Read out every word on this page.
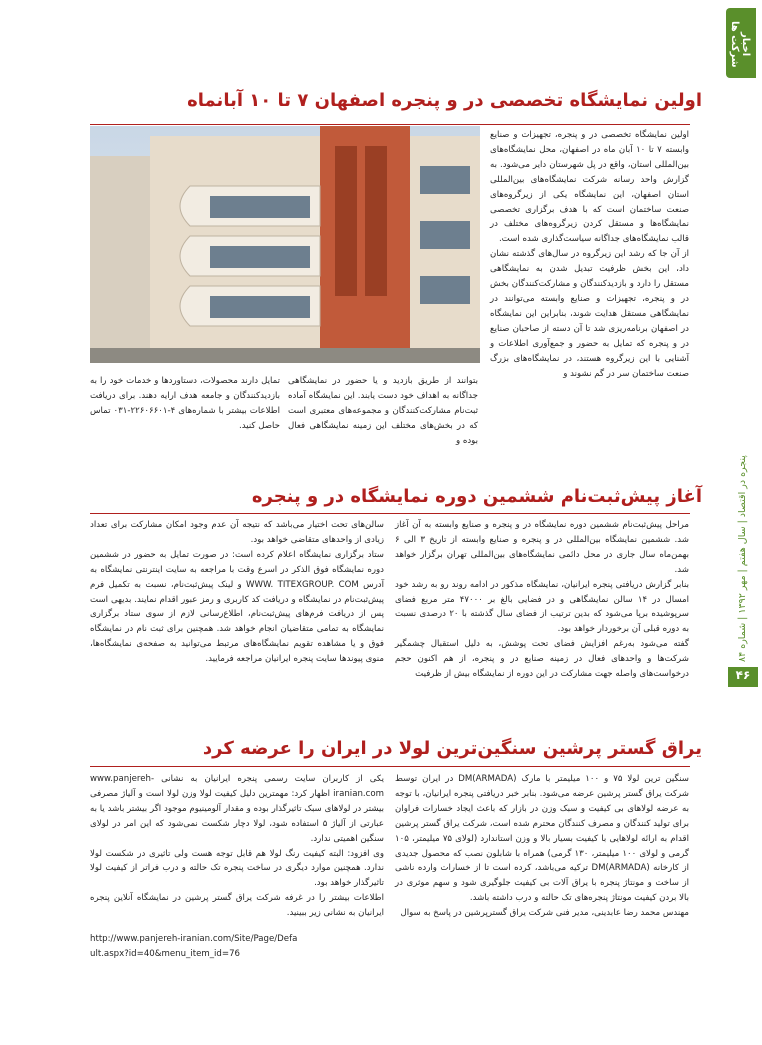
اخبار شرکت ها
پنجره در اقتصاد | سال هفتم | مهر ۱۳۹۲ | شماره ۸۴
۴۶
اولین نمایشگاه تخصصی در و پنجره اصفهان ۷ تا ۱۰ آبانماه

اولین نمایشگاه تخصصی در و پنجره، تجهیزات و صنایع وابسته ۷ تا ۱۰ آبان ماه در اصفهان، محل نمایشگاه‌های بین‌المللی استان، واقع در پل شهرستان دایر می‌شود. به گزارش واحد رسانه شرکت نمایشگاه‌های بین‌المللی استان اصفهان، این نمایشگاه یکی از زیرگروه‌های صنعت ساختمان است که با هدف برگزاری تخصصی نمایشگاه‌ها و مستقل کردن زیرگروه‌های مختلف در قالب نمایشگاه‌های جداگانه سیاست‌گذاری شده است.

از آن جا که رشد این زیرگروه در سال‌های گذشته نشان داد، این بخش ظرفیت تبدیل شدن به نمایشگاهی مستقل را دارد و بازدیدکنندگان و مشارکت‌کنندگان بخش در و پنجره، تجهیزات و صنایع وابسته می‌توانند در نمایشگاهی مستقل هدایت شوند، بنابراین این نمایشگاه در اصفهان برنامه‌ریزی شد تا آن دسته از صاحبان صنایع در و پنجره که تمایل به حضور و جمع‌آوری اطلاعات و آشنایی با این زیرگروه هستند، در نمایشگاه‌های بزرگ صنعت ساختمان سر در گم نشوند و

بتوانند از طریق بازدید و یا حضور در نمایشگاهی جداگانه به اهداف خود دست یابند. این نمایشگاه آماده ثبت‌نام مشارکت‌کنندگان و مجموعه‌های معتبری است که در بخش‌های مختلف این زمینه نمایشگاهی فعال بوده و
تمایل دارند محصولات، دستاوردها و خدمات خود را به بازدیدکنندگان و جامعه هدف ارایه دهند. برای دریافت اطلاعات بیشتر با شماره‌های ۴-۲۲۶۰۶۶۰۱-۰۳۱ تماس حاصل کنید.
آغاز پیش‌ثبت‌نام ششمین دوره نمایشگاه در و پنجره

مراحل پیش‌ثبت‌نام ششمین دوره نمایشگاه در و پنجره و صنایع وابسته به آن آغاز شد. ششمین نمایشگاه بین‌المللی در و پنجره و صنایع وابسته از تاریخ ۳ الی ۶ بهمن‌ماه سال جاری در محل دائمی نمایشگاه‌های بین‌المللی تهران برگزار خواهد شد.

بنابر گزارش دریافتی پنجره ایرانیان، نمایشگاه مذکور در ادامه روند رو به رشد خود امسال در ۱۴ سالن نمایشگاهی و در فضایی بالغ بر ۴۷۰۰۰ متر مربع فضای سرپوشیده برپا می‌شود که بدین ترتیب از فضای سال گذشته با ۲۰ درصدی نسبت به دوره قبلی آن برخوردار خواهد بود.

گفته می‌شود به‌رغم افزایش فضای تحت پوشش، به دلیل استقبال چشمگیر شرکت‌ها و واحدهای فعال در زمینه صنایع در و پنجره، از هم اکنون حجم درخواست‌های واصله جهت مشارکت در این دوره از نمایشگاه بیش از ظرفیت

سالن‌های تحت اختیار می‌باشد که نتیجه آن عدم وجود امکان مشارکت برای تعداد زیادی از واحدهای متقاضی خواهد بود.

ستاد برگزاری نمایشگاه اعلام کرده است: در صورت تمایل به حضور در ششمین دوره نمایشگاه فوق الذکر در اسرع وقت با مراجعه به سایت اینترنتی نمایشگاه به آدرس WWW. TITEXGROUP. COM و لینک پیش‌ثبت‌نام، نسبت به تکمیل فرم پیش‌ثبت‌نام در نمایشگاه و دریافت کد کاربری و رمز عبور اقدام نمایند. بدیهی است پس از دریافت فرم‌های پیش‌ثبت‌نام، اطلاع‌رسانی لازم از سوی ستاد برگزاری نمایشگاه به تمامی متقاضیان انجام خواهد شد. همچنین برای ثبت نام در نمایشگاه فوق و یا مشاهده تقویم نمایشگاه‌های مرتبط می‌توانید به صفحه‌ی نمایشگاه‌ها، منوی پیوندها سایت پنجره ایرانیان مراجعه فرمایید.

یراق گستر پرشین سنگین‌ترین لولا در ایران را عرضه کرد

سنگین ترین لولا ۷۵ و ۱۰۰ میلیمتر با مارک (DM(ARMADA در ایران توسط شرکت یراق گستر پرشین عرضه می‌شود. بنابر خبر دریافتی پنجره ایرانیان، با توجه به عرضه لولاهای بی کیفیت و سبک وزن در بازار که باعث ایجاد خسارات فراوان برای تولید کنندگان و مصرف کنندگان محترم شده است، شرکت یراق گستر پرشین اقدام به ارائه لولاهایی با کیفیت بسیار بالا و وزن استاندارد (لولای ۷۵ میلیمتر، ۱۰۵ گرمی و لولای ۱۰۰ میلیمتر، ۱۳۰ گرمی) همراه با شابلون نصب که محصول جدیدی از کارخانه (DM(ARMADA ترکیه می‌باشد، کرده است تا از خسارات وارده ناشی از ساخت و مونتاژ پنجره با یراق آلات بی کیفیت جلوگیری شود و سهم موثری در بالا بردن کیفیت مونتاژ پنجره‌های تک حالته و درب داشته باشد.

مهندس محمد رضا عابدینی، مدیر فنی شرکت یراق گسترپرشین در پاسخ به سوال

یکی از کاربران سایت رسمی پنجره ایرانیان به نشانی www.panjereh-iranian.com اظهار کرد: مهمترین دلیل کیفیت لولا وزن لولا است و آلیاژ مصرفی بیشتر در لولاهای سبک تاثیرگذار بوده و مقدار آلومینیوم موجود اگر بیشتر باشد یا به عبارتی از آلیاژ ۵ استفاده شود، لولا دچار شکست نمی‌شود که این امر در لولای سنگین اهمیتی ندارد.

وی افزود: البته کیفیت رنگ لولا هم قابل توجه هست ولی تاثیری در شکست لولا ندارد. همچنین موارد دیگری در ساخت پنجره تک حالته و درب فراتر از کیفیت لولا تاثیرگذار خواهد بود.

اطلاعات بیشتر را در غرفه شرکت یراق گستر پرشین در نمایشگاه آنلاین پنجره ایرانیان به نشانی زیر ببینید.

http://www.panjereh-iranian.com/Site/Page/Default.aspx?id=40&menu_item_id=76
